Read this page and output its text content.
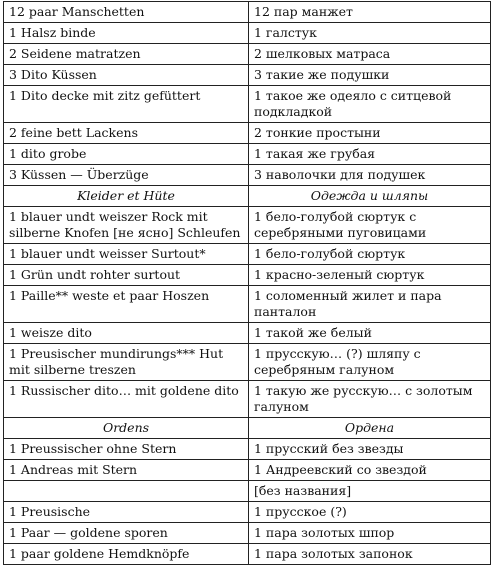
12 paar Manschetten	12 пар манжет
1 Halsz binde	1 галстук
2 Seidene matratzen	2 шелковых матраса
3 Dito Küssen	3 такие же подушки
1 Dito decke mit zitz gefüttert	1 такое же одеяло с ситцевой подкладкой
2 feine bett Lackens	2 тонкие простыни
1 dito grobe	1 такая же грубая
3 Küssen — Überzüge	3 наволочки для подушек
Kleider et Hüte	Одежда и шляпы
1 blauer undt weiszer Rock mit silberne Knofen [не ясно] Schleufen	1 бело-голубой сюртук с серебряными пуговицами
1 blauer undt weisser Surtout*	1 бело-голубой сюртук
1 Grün undt rohter surtout	1 красно-зеленый сюртук
1 Paille** weste et paar Hoszen	1 соломенный жилет и пара панталон
1 weisze dito	1 такой же белый
1 Preusischer mundirungs*** Hut mit silberne treszen	1 прусскую… (?) шляпу с серебряным галуном
1 Russischer dito… mit goldene dito	1 такую же русскую… с золотым галуном
Ordens	Ордена
1 Preussischer ohne Stern	1 прусский без звезды
1 Andreas mit Stern	1 Андреевский со звездой
	[без названия]
1 Preusische	1 прусское (?)
1 Paar — goldene sporen	1 пара золотых шпор
1 paar goldene Hemdknöpfe	1 пара золотых запонок
